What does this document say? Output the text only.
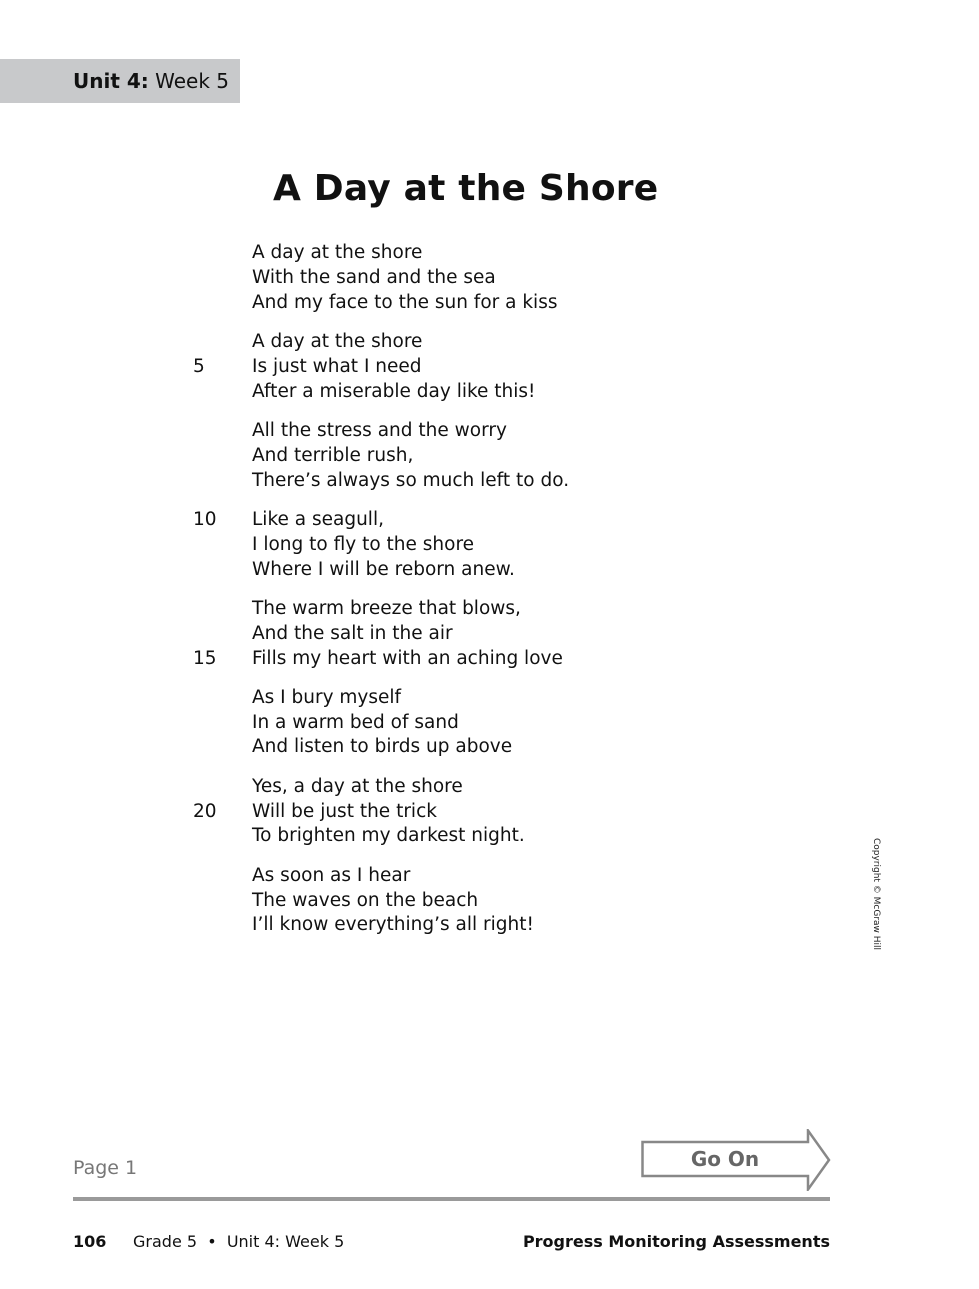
Unit 4: Week 5
A Day at the Shore
A day at the shore
With the sand and the sea
And my face to the sun for a kiss
A day at the shore
5	Is just what I need
After a miserable day like this!
All the stress and the worry
And terrible rush,
There’s always so much left to do.
10 Like a seagull,
I long to fly to the shore
Where I will be reborn anew.
The warm breeze that blows,
And the salt in the air
15 Fills my heart with an aching love
As I bury myself
In a warm bed of sand
And listen to birds up above
Yes, a day at the shore
20 Will be just the trick
To brighten my darkest night.
As soon as I hear
The waves on the beach
I’ll know everything’s all right!	Copyright © McGraw Hill
Page 1	Go On
106 Grade 5  •  Unit 4: Week 5	Progress Monitoring Assessments
